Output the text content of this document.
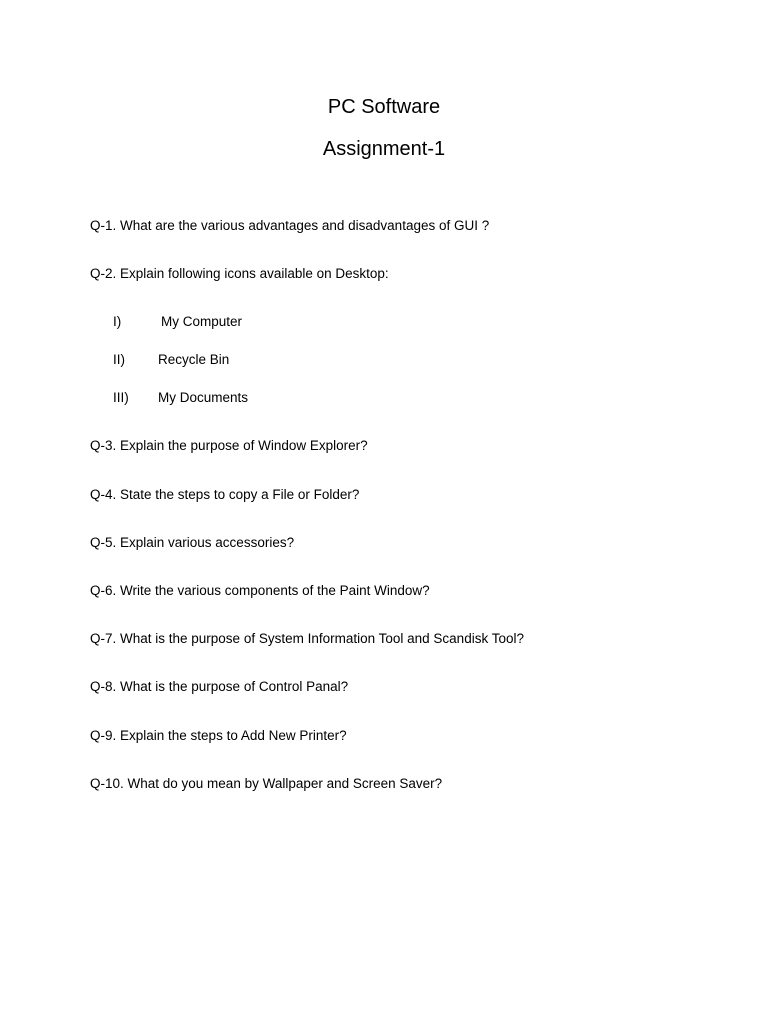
PC Software
Assignment-1

Q-1. What are the various advantages and disadvantages of GUI ?

Q-2. Explain following icons available on Desktop:

I)	My Computer
II) Recycle Bin
III) My Documents

Q-3. Explain the purpose of Window Explorer?

Q-4. State the steps to copy a File or Folder?

Q-5. Explain various accessories?

Q-6. Write the various components of the Paint Window?

Q-7. What is the purpose of System Information Tool and Scandisk Tool?

Q-8. What is the purpose of Control Panal?

Q-9. Explain the steps to Add New Printer?

Q-10. What do you mean by Wallpaper and Screen Saver?
